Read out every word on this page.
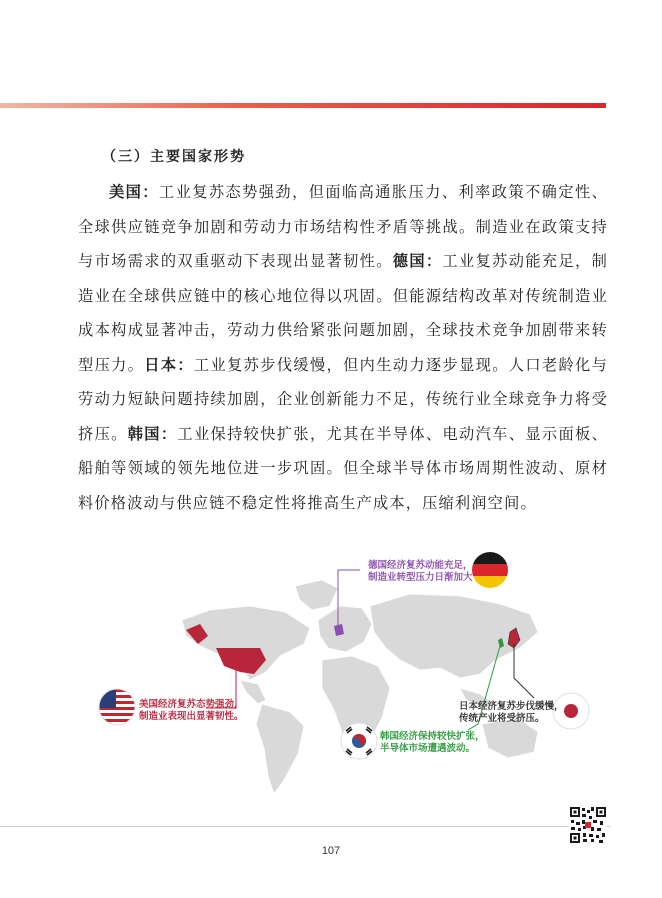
（三）主要国家形势
美国：工业复苏态势强劲，但面临高通胀压力、利率政策不确定性、全球供应链竞争加剧和劳动力市场结构性矛盾等挑战。制造业在政策支持与市场需求的双重驱动下表现出显著韧性。德国：工业复苏动能充足，制造业在全球供应链中的核心地位得以巩固。但能源结构改革对传统制造业成本构成显著冲击，劳动力供给紧张问题加剧，全球技术竞争加剧带来转型压力。日本：工业复苏步伐缓慢，但内生动力逐步显现。人口老龄化与劳动力短缺问题持续加剧，企业创新能力不足，传统行业全球竞争力将受挤压。韩国：工业保持较快扩张，尤其在半导体、电动汽车、显示面板、船舶等领域的领先地位进一步巩固。但全球半导体市场周期性波动、原材料价格波动与供应链不稳定性将推高生产成本，压缩利润空间。
美国经济复苏态势强劲，
制造业表现出显著韧性。
德国经济复苏动能充足，
制造业转型压力日渐加大
日本经济复苏步伐缓慢，
传统产业将受挤压。
韩国经济保持较快扩张，
半导体市场遭遇波动。
107
